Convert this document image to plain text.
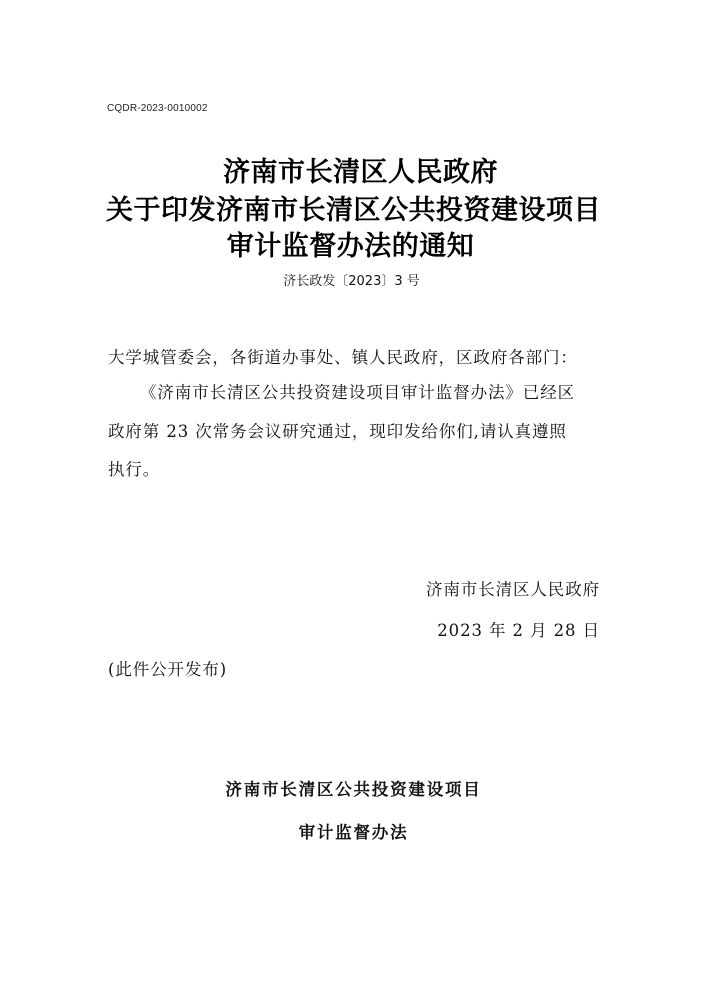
CQDR-2023-0010002
济南市长清区人民政府
关于印发济南市长清区公共投资建设项目
审计监督办法的通知
济长政发〔2023〕3 号
大学城管委会，各街道办事处、镇人民政府，区政府各部门：
《济南市长清区公共投资建设项目审计监督办法》已经区
政府第 23 次常务会议研究通过，现印发给你们,请认真遵照
执行。
济南市长清区人民政府
2023 年 2 月 28 日
(此件公开发布)
济南市长清区公共投资建设项目
审计监督办法
